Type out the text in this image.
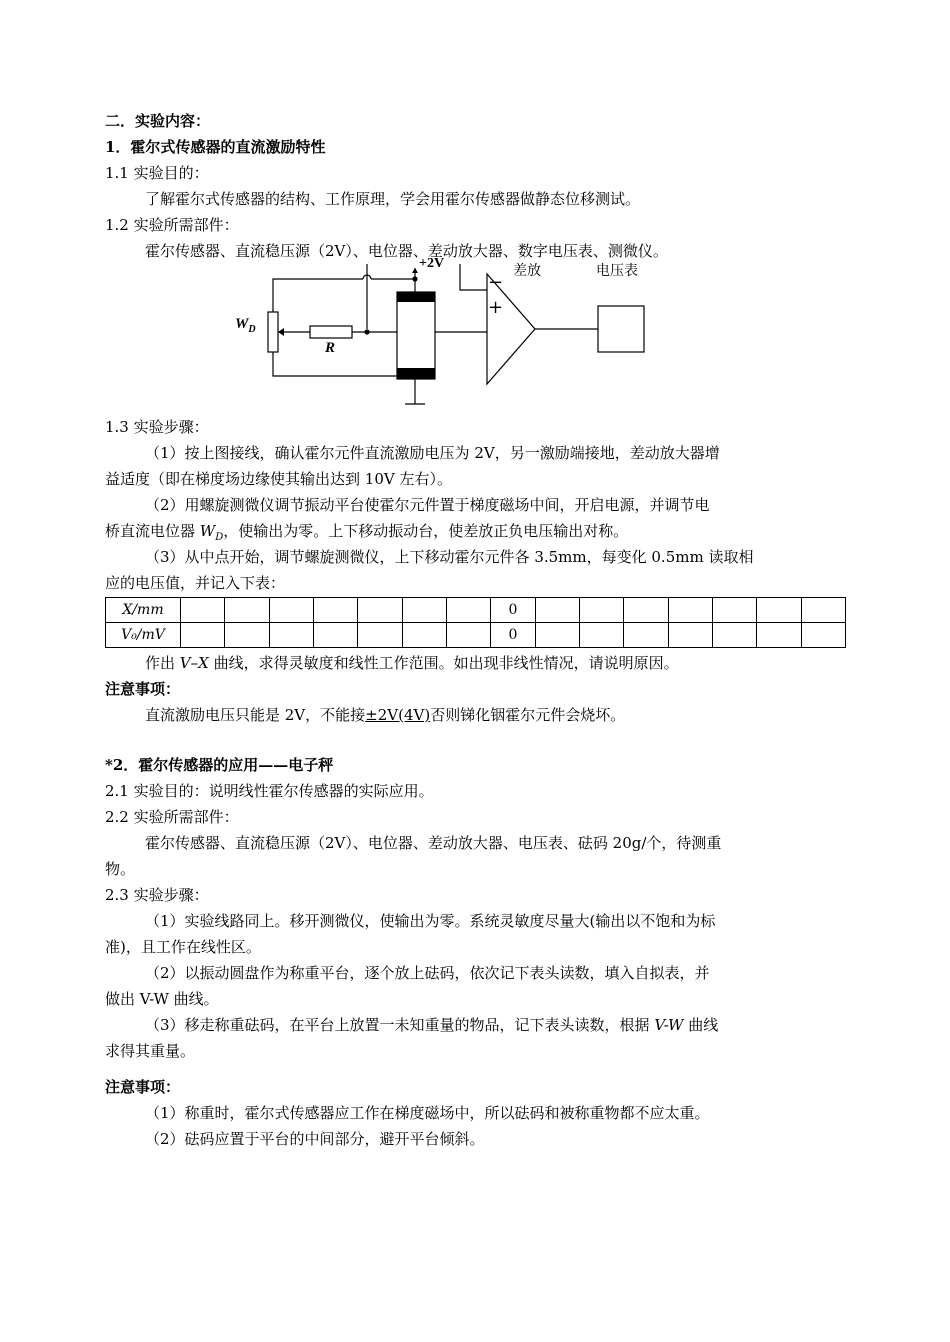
二．实验内容：
1．霍尔式传感器的直流激励特性
1.1 实验目的：
了解霍尔式传感器的结构、工作原理，学会用霍尔传感器做静态位移测试。
1.2 实验所需部件：
霍尔传感器、直流稳压源（2V）、电位器、差动放大器、数字电压表、测微仪。
+2V	差放	电压表
−
+
$W_D$
R
1.3 实验步骤：
（1）按上图接线，确认霍尔元件直流激励电压为 2V，另一激励端接地，差动放大器增
益适度（即在梯度场边缘使其输出达到 10V 左右）。
（2）用螺旋测微仪调节振动平台使霍尔元件置于梯度磁场中间，开启电源，并调节电
桥直流电位器 $W_D$，使输出为零。上下移动振动台，使差放正负电压输出对称。
（3）从中点开始，调节螺旋测微仪，上下移动霍尔元件各 3.5mm，每变化 0.5mm 读取相
应的电压值，并记入下表：
X/mm								0							
V₀/mV								0							
作出 V–X 曲线，求得灵敏度和线性工作范围。如出现非线性情况，请说明原因。
注意事项：
直流激励电压只能是 2V，不能接±2V(4V)否则锑化铟霍尔元件会烧坏。
*2．霍尔传感器的应用——电子秤
2.1 实验目的：说明线性霍尔传感器的实际应用。
2.2 实验所需部件：
霍尔传感器、直流稳压源（2V）、电位器、差动放大器、电压表、砝码 20g/个，待测重
物。
2.3 实验步骤：
（1）实验线路同上。移开测微仪，使输出为零。系统灵敏度尽量大(输出以不饱和为标
准)，且工作在线性区。
（2）以振动圆盘作为称重平台，逐个放上砝码，依次记下表头读数，填入自拟表，并
做出 V-W 曲线。
（3）移走称重砝码，在平台上放置一未知重量的物品，记下表头读数，根据 V-W 曲线
求得其重量。
注意事项：
（1）称重时，霍尔式传感器应工作在梯度磁场中，所以砝码和被称重物都不应太重。
（2）砝码应置于平台的中间部分，避开平台倾斜。
